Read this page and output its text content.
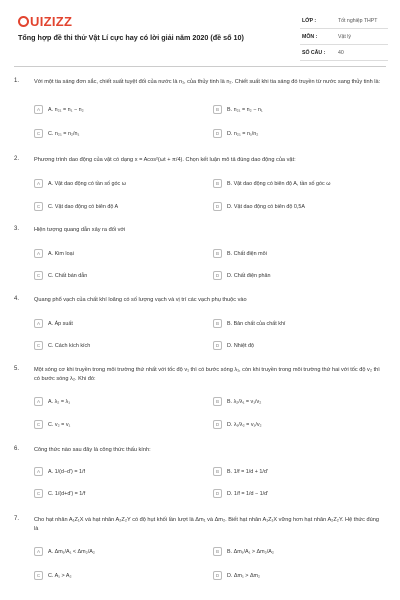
UIZIZZ
Tổng hợp đề thi thử Vật Lí cực hay có lời giải năm 2020 (đề số 10)
LỚP :	Tốt nghiệp THPT
MÔN :	Vật lý
SỐ CÂU : 40
1.	Với một tia sáng đơn sắc, chiết suất tuyệt đối của nước là n₁, của thủy tinh là n₂. Chiết suất khi tia sáng đó truyền từ nước sang thủy tinh là:
A	A. n₂₁ = n₁ − n₂	B	B. n₂₁ = n₂ − n₁
C	C. n₂₁ = n₂/n₁	D	D. n₂₁ = n₁/n₂
2.	Phương trình dao động của vật có dạng x = Acos²(ωt + π/4). Chọn kết luận mô tả đúng dao động của vật:
A	A. Vật dao động có tần số góc ω	B	B. Vật dao động có biên độ A, tần số góc ω
C	C. Vật dao động có biên độ A	D	D. Vật dao động có biên độ 0,5A
3.	Hiện tượng quang dẫn xảy ra đối với
A	A. Kim loại	B	B. Chất điện môi
C	C. Chất bán dẫn	D	D. Chất điện phân
4.	Quang phổ vạch của chất khí loãng có số lượng vạch và vị trí các vạch phụ thuộc vào
A	A. Áp suất	B	B. Bản chất của chất khí
C	C. Cách kích kích	D	D. Nhiệt độ
5.	Một sóng cơ khi truyền trong môi trường thứ nhất với tốc độ v₁ thì có bước sóng λ₁, còn khi truyền trong môi trường thứ hai với tốc độ v₂ thì có bước sóng λ₂. Khi đó:
A	A. λ₂ = λ₁	B	B. λ₂/λ₁ = v₁/v₂
C	C. v₂ = v₁	D	D. λ₁/λ₂ = v₁/v₂
6.	Công thức nào sau đây là công thức thấu kính:
A	A. 1/(d−d') = 1/f	B	B. 1/f = 1/d + 1/d'
C	C. 1/(d+d') = 1/f	D	D. 1/f = 1/d − 1/d'
7.	Cho hạt nhân A₁Z₁X và hạt nhân A₂Z₂Y có độ hụt khối lần lượt là Δm₁ và Δm₂. Biết hạt nhân A₁Z₁X vững hơn hạt nhân A₂Z₂Y. Hệ thức đúng là
A	A. Δm₁/A₁ < Δm₂/A₂	B	B. Δm₁/A₁ > Δm₂/A₂
C	C. A₁ > A₂	D	D. Δm₁ > Δm₂
